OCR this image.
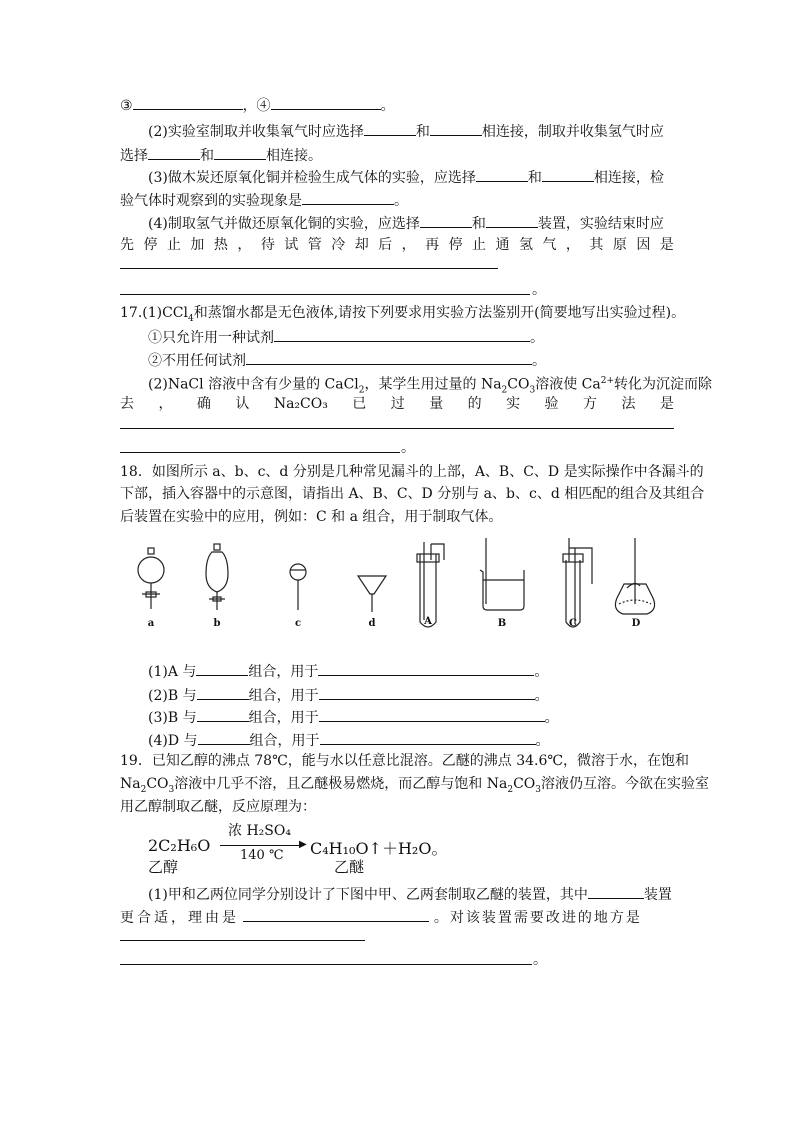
③	，④	。
(2)实验室制取并收集氧气时应选择	和	相连接，制取并收集氢气时应
选择	和	相连接。
(3)做木炭还原氧化铜并检验生成气体的实验，应选择	和	相连接，检
验气体时观察到的实验现象是	。
(4)制取氢气并做还原氧化铜的实验，应选择	和	装置，实验结束时应
先 停 止 加 热 ， 待 试 管 冷 却 后 ， 再 停 止 通 氢 气 ， 其 原 因 是
。
17.(1)CCl$_4$和蒸馏水都是无色液体,请按下列要求用实验方法鉴别开(简要地写出实验过程)。
①只允许用一种试剂	。
②不用任何试剂	。
(2)NaCl 溶液中含有少量的 CaCl$_2$，某学生用过量的 $Na_2CO_3$溶液使 $Ca^{2+}$转化为沉淀而除
去 ， 确 认 Na₂CO₃ 已 过 量 的 实 验 方 法 是
。
18．如图所示 a、b、c、d 分别是几种常见漏斗的上部，A、B、C、D 是实际操作中各漏斗的
下部，插入容器中的示意图，请指出 A、B、C、D 分别与 a、b、c、d 相匹配的组合及其组合
后装置在实验中的应用，例如：C 和 a 组合，用于制取气体。
a	b	c	d	A	B	C	D
(1)A 与	组合，用于	。
(2)B 与	组合，用于	。
(3)B 与	组合，用于	。
(4)D 与	组合，用于	。
19．已知乙醇的沸点 78℃，能与水以任意比混溶。乙醚的沸点 34.6℃，微溶于水，在饱和
$Na_2CO_3$溶液中几乎不溶，且乙醚极易燃烧，而乙醇与饱和 $Na_2CO_3$溶液仍互溶。今欲在实验室
用乙醇制取乙醚，反应原理为：
2C₂H₆O
浓 H₂SO₄
▶
140 ℃ C₄H₁₀O↑＋H₂O。
乙醇	乙醚
(1)甲和乙两位同学分别设计了下图中甲、乙两套制取乙醚的装置，其中	装置
更合适，理由是	。对该装置需要改进的地方是
。
